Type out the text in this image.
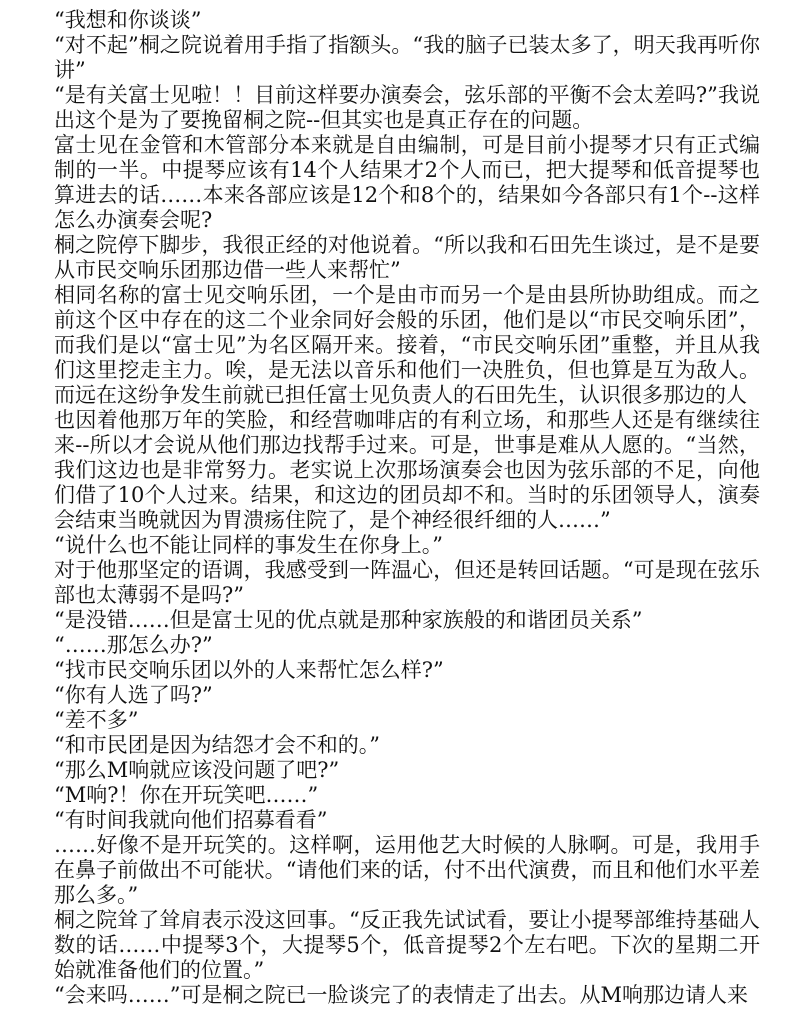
“我想和你谈谈”

“对不起”桐之院说着用手指了指额头。“我的脑子已装太多了，明天我再听你讲”

“是有关富士见啦！！目前这样要办演奏会，弦乐部的平衡不会太差吗?”我说出这个是为了要挽留桐之院--但其实也是真正存在的问题。

富士见在金管和木管部分本来就是自由编制，可是目前小提琴才只有正式编制的一半。中提琴应该有14个人结果才2个人而已，把大提琴和低音提琴也算进去的话……本来各部应该是12个和8个的，结果如今各部只有1个--这样怎么办演奏会呢?

桐之院停下脚步，我很正经的对他说着。“所以我和石田先生谈过，是不是要从市民交响乐团那边借一些人来帮忙”

相同名称的富士见交响乐团，一个是由市而另一个是由县所协助组成。而之前这个区中存在的这二个业余同好会般的乐团，他们是以“市民交响乐团”，而我们是以“富士见”为名区隔开来。接着，“市民交响乐团”重整，并且从我们这里挖走主力。唉，是无法以音乐和他们一决胜负，但也算是互为敌人。而远在这纷争发生前就已担任富士见负责人的石田先生，认识很多那边的人

也因着他那万年的笑脸，和经营咖啡店的有利立场，和那些人还是有继续往来--所以才会说从他们那边找帮手过来。可是，世事是难从人愿的。“当然，我们这边也是非常努力。老实说上次那场演奏会也因为弦乐部的不足，向他们借了10个人过来。结果，和这边的团员却不和。当时的乐团领导人，演奏会结束当晚就因为胃溃疡住院了，是个神经很纤细的人……”

“说什么也不能让同样的事发生在你身上。”

对于他那坚定的语调，我感受到一阵温心，但还是转回话题。“可是现在弦乐部也太薄弱不是吗?”

“是没错……但是富士见的优点就是那种家族般的和谐团员关系”

“……那怎么办?”

“找市民交响乐团以外的人来帮忙怎么样?”

“你有人选了吗?”

“差不多”

“和市民团是因为结怨才会不和的。”

“那么M响就应该没问题了吧?”

“M响?！你在开玩笑吧……”

“有时间我就向他们招募看看”

……好像不是开玩笑的。这样啊，运用他艺大时候的人脉啊。可是，我用手在鼻子前做出不可能状。“请他们来的话，付不出代演费，而且和他们水平差那么多。”

桐之院耸了耸肩表示没这回事。“反正我先试试看，要让小提琴部维持基础人数的话……中提琴3个，大提琴5个，低音提琴2个左右吧。下次的星期二开始就准备他们的位置。”

“会来吗……”可是桐之院已一脸谈完了的表情走了出去。从M响那边请人来
